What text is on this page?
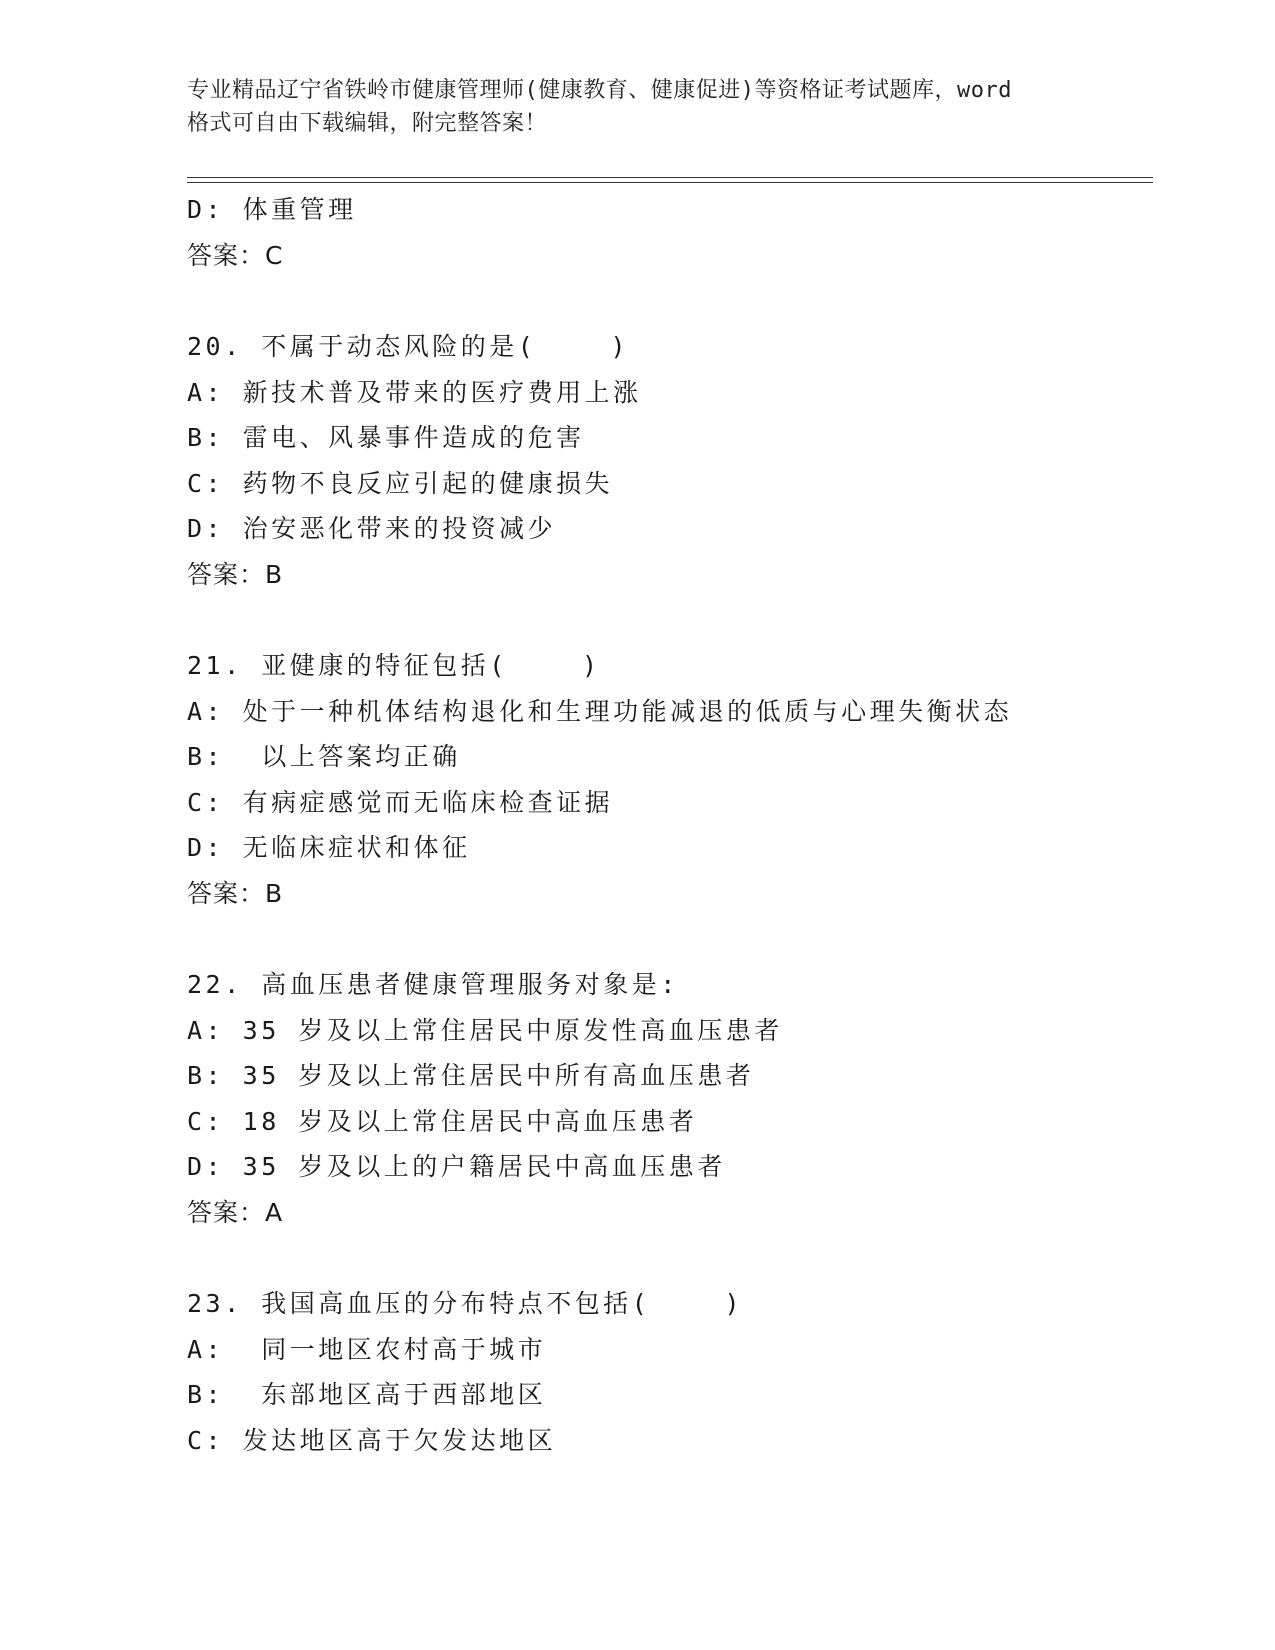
专业精品辽宁省铁岭市健康管理师(健康教育、健康促进)等资格证考试题库，word
格式可自由下载编辑，附完整答案！
D: 体重管理
答案：C
20. 不属于动态风险的是(    )
A: 新技术普及带来的医疗费用上涨
B: 雷电、风暴事件造成的危害
C: 药物不良反应引起的健康损失
D: 治安恶化带来的投资减少
答案：B
21. 亚健康的特征包括(    )
A: 处于一种机体结构退化和生理功能减退的低质与心理失衡状态
B:  以上答案均正确
C: 有病症感觉而无临床检查证据
D: 无临床症状和体征
答案：B
22. 高血压患者健康管理服务对象是:
A: 35 岁及以上常住居民中原发性高血压患者
B: 35 岁及以上常住居民中所有高血压患者
C: 18 岁及以上常住居民中高血压患者
D: 35 岁及以上的户籍居民中高血压患者
答案：A
23. 我国高血压的分布特点不包括(    )
A:  同一地区农村高于城市
B:  东部地区高于西部地区
C: 发达地区高于欠发达地区
